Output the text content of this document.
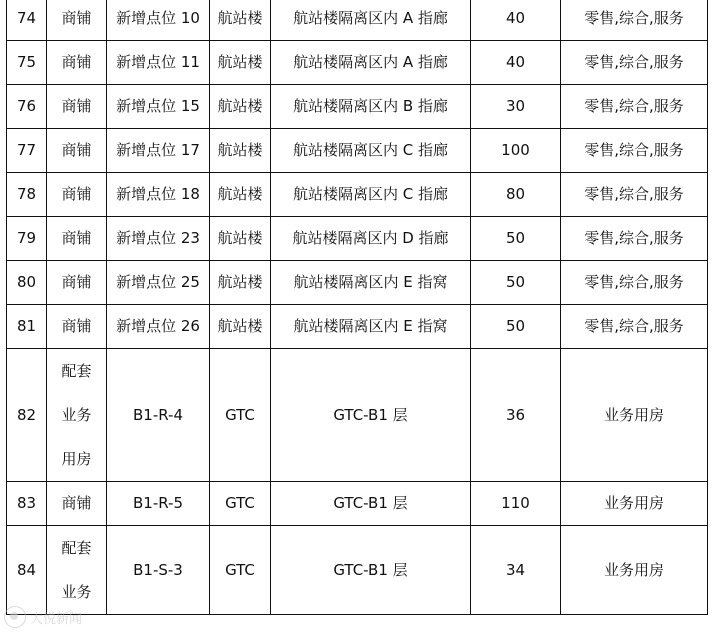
74	商铺	新增点位 10	航站楼	航站楼隔离区内 A 指廊	40	零售,综合,服务
75	商铺	新增点位 11	航站楼	航站楼隔离区内 A 指廊	40	零售,综合,服务
76	商铺	新增点位 15	航站楼	航站楼隔离区内 B 指廊	30	零售,综合,服务
77	商铺	新增点位 17	航站楼	航站楼隔离区内 C 指廊	100	零售,综合,服务
78	商铺	新增点位 18	航站楼	航站楼隔离区内 C 指廊	80	零售,综合,服务
79	商铺	新增点位 23	航站楼	航站楼隔离区内 D 指廊	50	零售,综合,服务
80	商铺	新增点位 25	航站楼	航站楼隔离区内 E 指窝	50	零售,综合,服务
81	商铺	新增点位 26	航站楼	航站楼隔离区内 E 指窝	50	零售,综合,服务
82	配套业务用房	B1-R-4	GTC	GTC-B1 层	36	业务用房
83	商铺	B1-R-5	GTC	GTC-B1 层	110	业务用房
84	配套业务	B1-S-3	GTC	GTC-B1 层	34	业务用房
大悦新闻
